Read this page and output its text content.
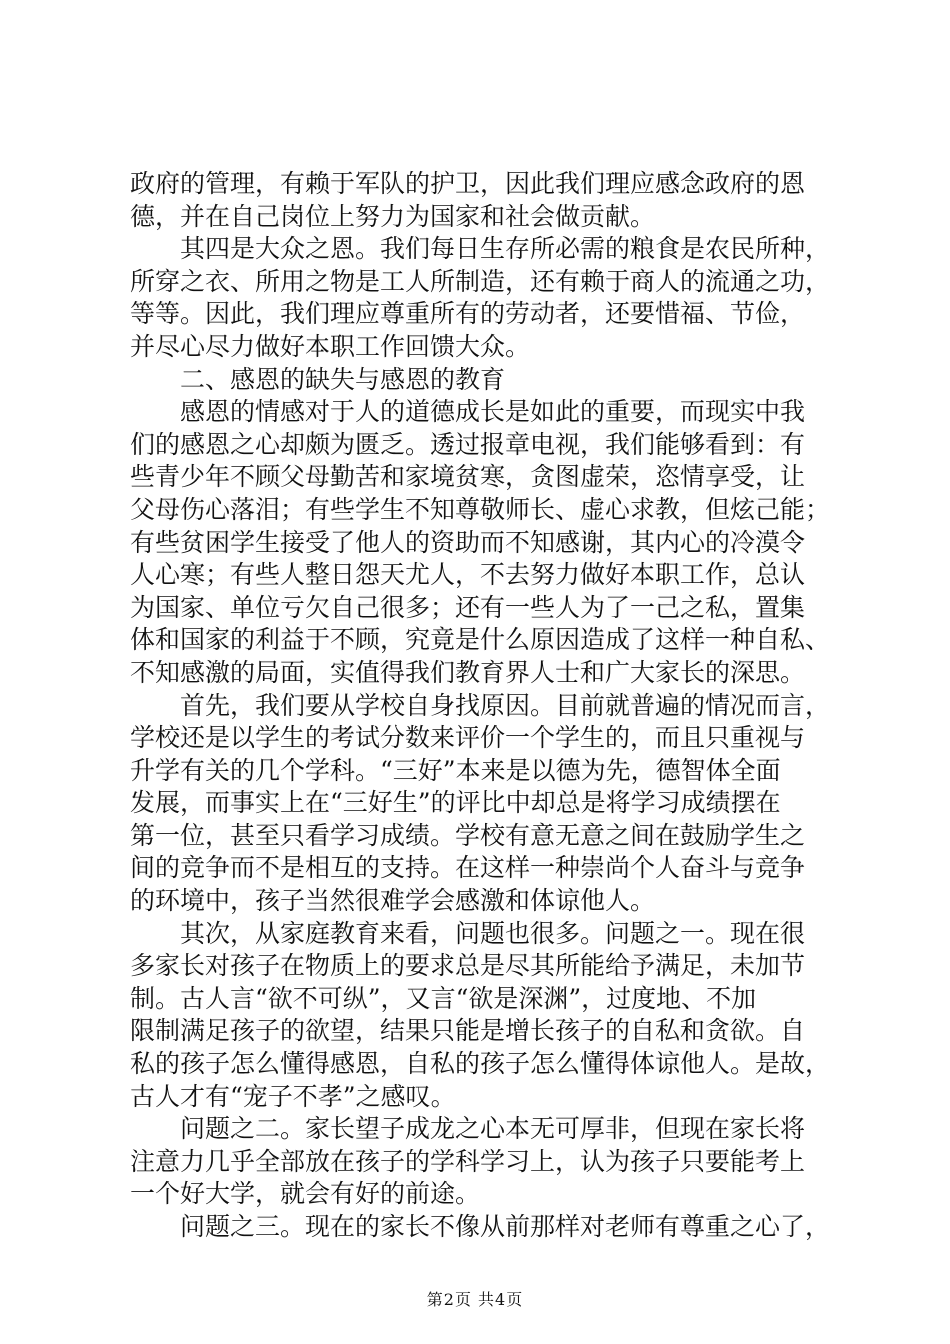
政府的管理，有赖于军队的护卫，因此我们理应感念政府的恩
德，并在自己岗位上努力为国家和社会做贡献。
其四是大众之恩。我们每日生存所必需的粮食是农民所种，
所穿之衣、所用之物是工人所制造，还有赖于商人的流通之功，
等等。因此，我们理应尊重所有的劳动者，还要惜福、节俭，
并尽心尽力做好本职工作回馈大众。
二、感恩的缺失与感恩的教育
感恩的情感对于人的道德成长是如此的重要，而现实中我
们的感恩之心却颇为匮乏。透过报章电视，我们能够看到：有
些青少年不顾父母勤苦和家境贫寒，贪图虚荣，恣情享受，让
父母伤心落泪；有些学生不知尊敬师长、虚心求教，但炫己能；
有些贫困学生接受了他人的资助而不知感谢，其内心的冷漠令
人心寒；有些人整日怨天尤人，不去努力做好本职工作，总认
为国家、单位亏欠自己很多；还有一些人为了一己之私，置集
体和国家的利益于不顾，究竟是什么原因造成了这样一种自私、
不知感激的局面，实值得我们教育界人士和广大家长的深思。
首先，我们要从学校自身找原因。目前就普遍的情况而言，
学校还是以学生的考试分数来评价一个学生的，而且只重视与
升学有关的几个学科。“三好”本来是以德为先，德智体全面
发展，而事实上在“三好生”的评比中却总是将学习成绩摆在
第一位，甚至只看学习成绩。学校有意无意之间在鼓励学生之
间的竞争而不是相互的支持。在这样一种崇尚个人奋斗与竞争
的环境中，孩子当然很难学会感激和体谅他人。
其次，从家庭教育来看，问题也很多。问题之一。现在很
多家长对孩子在物质上的要求总是尽其所能给予满足，未加节
制。古人言“欲不可纵”，又言“欲是深渊”，过度地、不加
限制满足孩子的欲望，结果只能是增长孩子的自私和贪欲。自
私的孩子怎么懂得感恩，自私的孩子怎么懂得体谅他人。是故，
古人才有“宠子不孝”之感叹。
问题之二。家长望子成龙之心本无可厚非，但现在家长将
注意力几乎全部放在孩子的学科学习上，认为孩子只要能考上
一个好大学，就会有好的前途。
问题之三。现在的家长不像从前那样对老师有尊重之心了，
第2页 共4页
